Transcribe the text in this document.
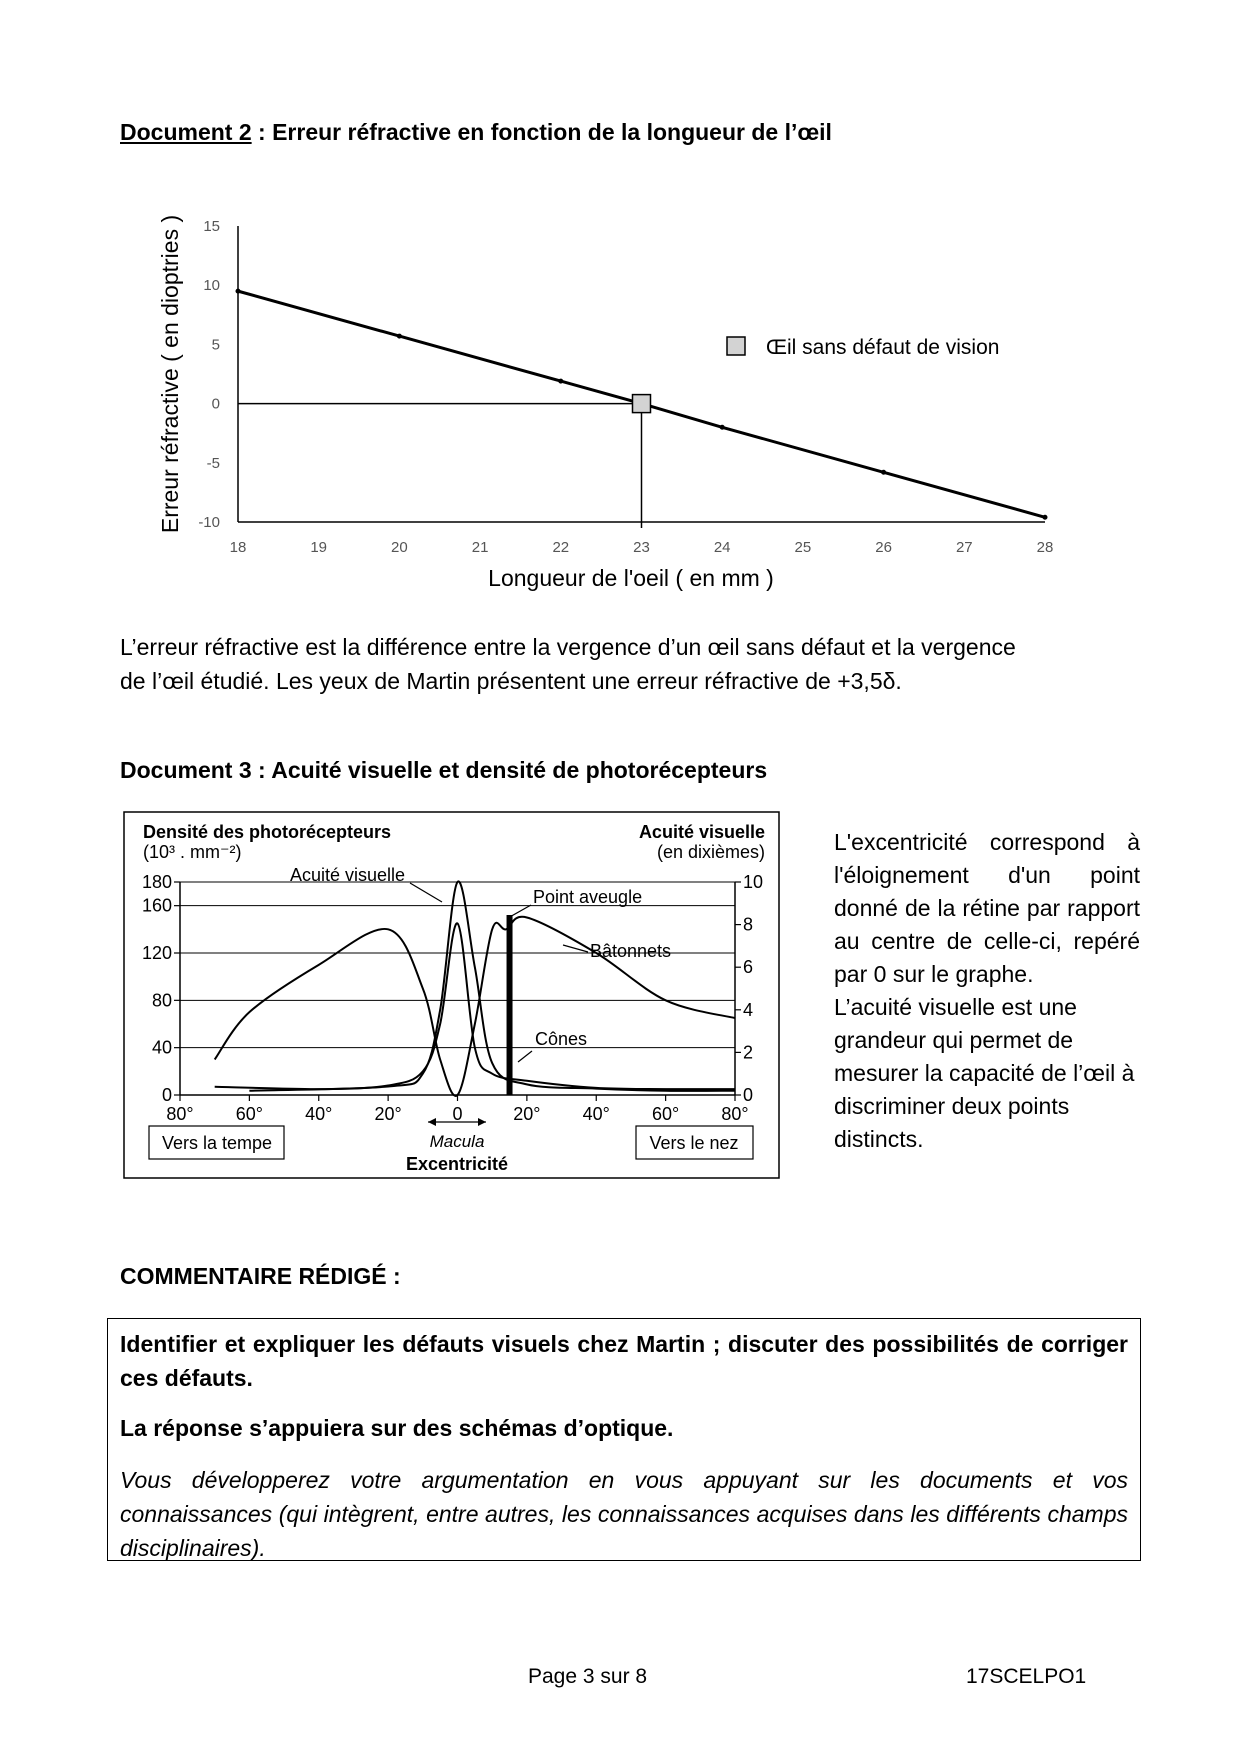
Document 2 : Erreur réfractive en fonction de la longueur de l’œil
15
10
5
0
-5
-10
18	19	20	21	22	23	24	25	26	27	28
Œil sans défaut de vision
Longueur de l'oeil ( en mm )
Erreur réfractive ( en dioptries )
L’erreur réfractive est la différence entre la vergence d’un œil sans défaut et la vergence
de l’œil étudié. Les yeux de Martin présentent une erreur réfractive de +3,5δ.
Document 3 : Acuité visuelle et densité de photorécepteurs
180
160
120
80
40
0
10
8
6
4
2
0
80° 60° 40° 20°	0	20° 40° 60° 80°
Densité des photorécepteurs
(10³ . mm⁻²)
Acuité visuelle
(en dixièmes)
Acuité visuelle
Point aveugle
Bâtonnets
Cônes
Macula
Excentricité
Vers la tempe	Vers le nez
L'excentricité correspond à l'éloignement d'un point donné de la rétine par rapport au centre de celle-ci, repéré par 0 sur le graphe.
L’acuité visuelle est une grandeur qui permet de mesurer la capacité de l’œil à discriminer deux points distincts.
COMMENTAIRE RÉDIGÉ :

Identifier et expliquer les défauts visuels chez Martin ; discuter des possibilités de corriger ces défauts.

La réponse s’appuiera sur des schémas d’optique.

Vous développerez votre argumentation en vous appuyant sur les documents et vos connaissances (qui intègrent, entre autres, les connaissances acquises dans les différents champs disciplinaires).

Page 3 sur 8	17SCELPO1
